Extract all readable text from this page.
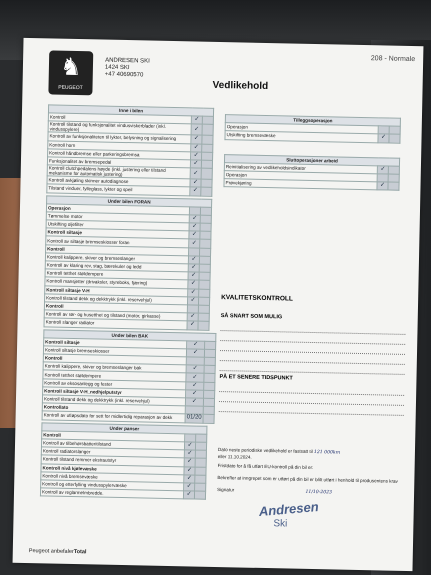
♞
PEUGEOT
ANDRESEN SKI
1424 SKI
+47 40690570
208 - Normale
Vedlikehold
Inne i bilen		
Kontroll	✓	
Kontroll tilstand og funksjonalitet vindusviskerblader (inkl. vindusspylere)	✓	
Kontroll av funksjonaliteten til lykter, belysning og signalisering	✓	
Kontroll horn	✓	
Kontroll håndbremse eller parkeringsbremsa	✓	
Funksjonalitet av bremsepedal	✓	
Kontroll clutchpedalens høyde (inkl. justering eller tilstand mekanisme for automatisk justering)	✓	
Kontroll avkjøling skinner autodiagnose	✓	
Tilstand vinduer, fylleglass, lykter og speil	✓	
Under bilen FORAN		
Operasjon		
Tømmelse motor	✓	
Utskifting oljefilter	✓	
Kontroll siltasje	✓	
Kontroll av siltasje bremseskiosser foran	✓	
Kontroll		
Kontroll kalippere, skiver og bremseslanger	✓	
Kontroll av klaring rev, stag, bærekuler og ledd	✓	
Kontroll tetthet støtdempere	✓	
Kontroll mansjetter (drivaksler, styreboks, fjæring)	✓	
Kontroll siltasje V-H	✓	
Kontroll tilstand dekk og dekktrykk (inkl. reservehjul)	✓	
Kontroll		
Kontroll av rør- og husetthet og tilstand (motor, girkasse)	✓	
Kontroll slanger radiator	✓	
Under bilen BAK		
Kontroll siltasje	✓	
Kontroll siltasje bremseskiosser	✓	
Kontroll		
Kontroll kalippere, skiver og bremseslanger bak	✓	
Kontroll tetthet støtdempere	✓	
Kontroll av eksosanlegg og fester	✓	
Kontroll siltasje V-H_nedhjelputstyr	✓	
Kontroll tilstand dekk og dekktrykk (inkl. reservehjul)	✓	
Kontrollato		
Kontroll av utløpsdato for sett for midlertidig reparasjon av dekk	01/20	
Under panser		
Kontroll		
Kontroll av tilbehørsbatteritilstand	✓	
Kontroll radiatorslanger	✓	
Kontroll tilstand remmer ekstrautstyr	✓	
Kontroll nivå kjølevæske	✓	
Kontroll nivå bremsevæske	✓	
Kontroll og etterfylling vindusspylervæske	✓	
Kontroll av reglarmelmbredde.	✓	
Tilleggsoperasjon		
Operasjon		
Utskifting bremsevæske	✓	
Sluttoperasjoner arbeid		
Reinitialisering av vedlikeholdsindikator	✓	
Operasjon		
Prøvekjøring	✓	
KVALITETSKONTROLL
SÅ SNART SOM MULIG
PÅ ET SENERE TIDSPUNKT
Dato neste periodiske vedlikehold er fastsatt til 121 000km
eller 11.10.2024.
Fristdato for å få utført EU-kontroll på din bil er:
Bekrefter at inngrepet som er utført på din bil er blitt utført i henhold til produsentens krav
Signatur 11/10-2023
Andresen
Ski
Peugeot anbefalerTotal
